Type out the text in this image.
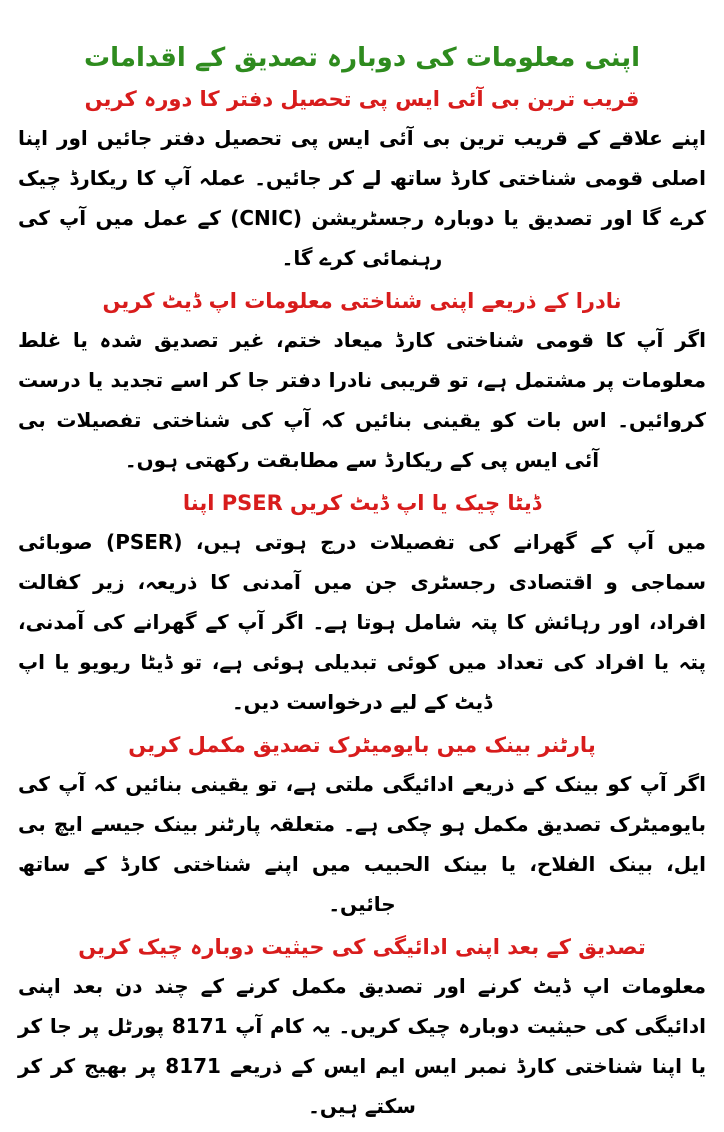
اپنی معلومات کی دوبارہ تصدیق کے اقدامات
قریب ترین بی آئی ایس پی تحصیل دفتر کا دورہ کریں

اپنے علاقے کے قریب ترین بی آئی ایس پی تحصیل دفتر جائیں اور اپنا اصلی قومی شناختی کارڈ ساتھ لے کر جائیں۔ عملہ آپ کا ریکارڈ چیک کرے گا اور تصدیق یا دوبارہ رجسٹریشن (CNIC) کے عمل میں آپ کی رہنمائی کرے گا۔

نادرا کے ذریعے اپنی شناختی معلومات اپ ڈیٹ کریں

اگر آپ کا قومی شناختی کارڈ میعاد ختم، غیر تصدیق شدہ یا غلط معلومات پر مشتمل ہے، تو قریبی نادرا دفتر جا کر اسے تجدید یا درست کروائیں۔ اس بات کو یقینی بنائیں کہ آپ کی شناختی تفصیلات بی آئی ایس پی کے ریکارڈ سے مطابقت رکھتی ہوں۔

ڈیٹا چیک یا اپ ڈیٹ کریں PSER اپنا

میں آپ کے گھرانے کی تفصیلات درج ہوتی ہیں، (PSER) صوبائی سماجی و اقتصادی رجسٹری جن میں آمدنی کا ذریعہ، زیر کفالت افراد، اور رہائش کا پتہ شامل ہوتا ہے۔ اگر آپ کے گھرانے کی آمدنی، پتہ یا افراد کی تعداد میں کوئی تبدیلی ہوئی ہے، تو ڈیٹا ریویو یا اپ ڈیٹ کے لیے درخواست دیں۔

پارٹنر بینک میں بایومیٹرک تصدیق مکمل کریں

اگر آپ کو بینک کے ذریعے ادائیگی ملتی ہے، تو یقینی بنائیں کہ آپ کی بایومیٹرک تصدیق مکمل ہو چکی ہے۔ متعلقہ پارٹنر بینک جیسے ایچ بی ایل، بینک الفلاح، یا بینک الحبیب میں اپنے شناختی کارڈ کے ساتھ جائیں۔

تصدیق کے بعد اپنی ادائیگی کی حیثیت دوبارہ چیک کریں

معلومات اپ ڈیٹ کرنے اور تصدیق مکمل کرنے کے چند دن بعد اپنی ادائیگی کی حیثیت دوبارہ چیک کریں۔ یہ کام آپ 8171 پورٹل پر جا کر یا اپنا شناختی کارڈ نمبر ایس ایم ایس کے ذریعے 8171 پر بھیج کر کر سکتے ہیں۔
